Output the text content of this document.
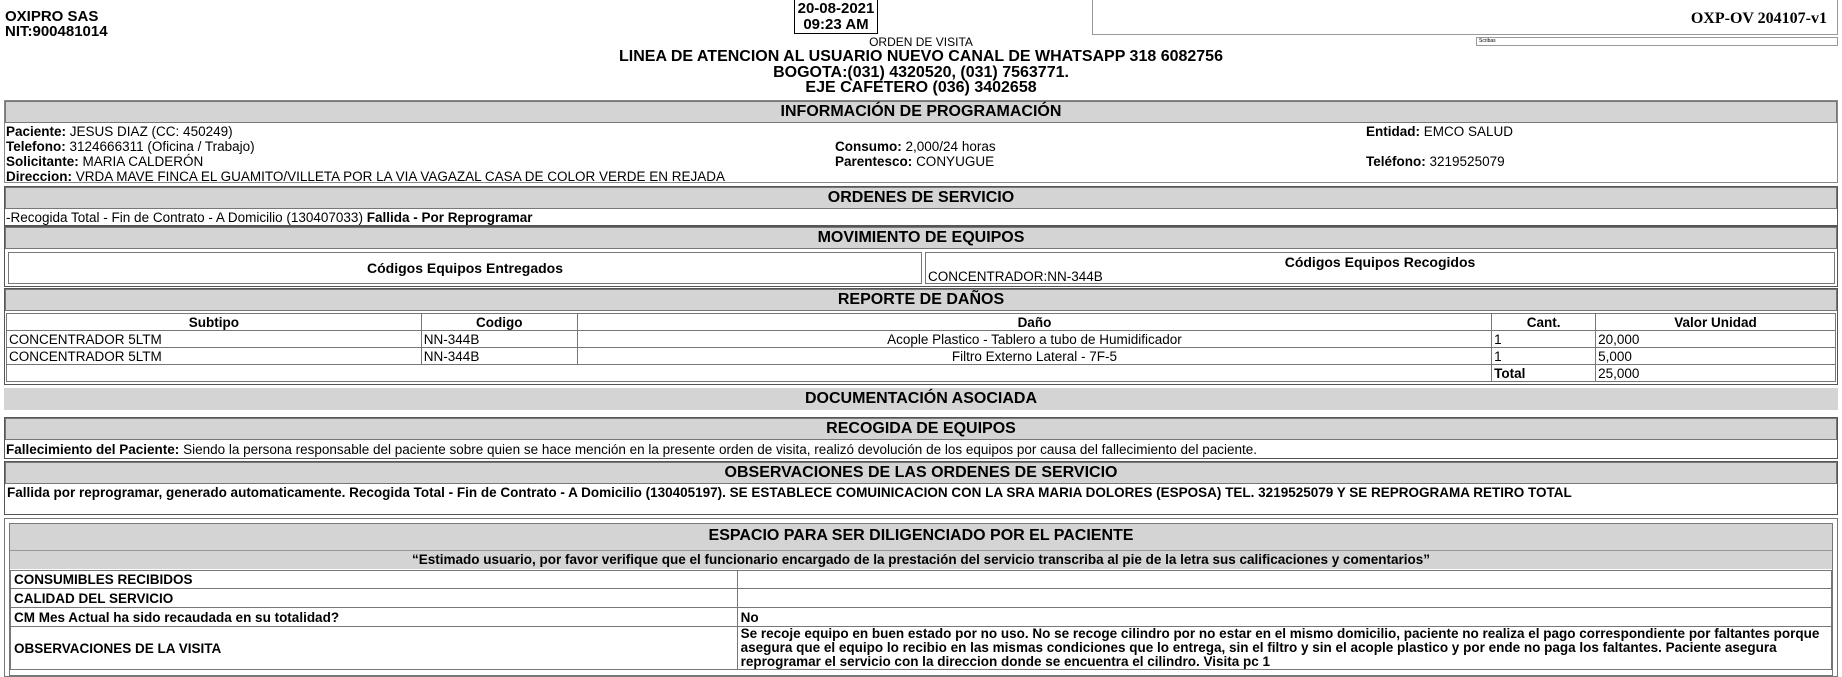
OXIPRO SAS
NIT:900481014
20-08-2021
09:23 AM	OXP-OV 204107-v1
Scribas
ORDEN DE VISITA
LINEA DE ATENCION AL USUARIO NUEVO CANAL DE WHATSAPP 318 6082756
BOGOTA:(031) 4320520, (031) 7563771.
EJE CAFETERO (036) 3402658
INFORMACIÓN DE PROGRAMACIÓN
Paciente: JESUS DIAZ (CC: 450249)
Telefono: 3124666311 (Oficina / Trabajo)
Solicitante: MARIA CALDERÓN
Direccion: VRDA MAVE FINCA EL GUAMITO/VILLETA POR LA VIA VAGAZAL CASA DE COLOR VERDE EN REJADA
Consumo: 2,000/24 horas
Parentesco: CONYUGUE
Entidad: EMCO SALUD
Teléfono: 3219525079
ORDENES DE SERVICIO
-Recogida Total - Fin de Contrato - A Domicilio (130407033) Fallida - Por Reprogramar
MOVIMIENTO DE EQUIPOS
Códigos Equipos Entregados	Códigos Equipos Recogidos
CONCENTRADOR:NN-344B
REPORTE DE DAÑOS
Subtipo	Codigo	Daño	Cant.	Valor Unidad
CONCENTRADOR 5LTM	NN-344B	Acople Plastico - Tablero a tubo de Humidificador	1	20,000
CONCENTRADOR 5LTM	NN-344B	Filtro Externo Lateral - 7F-5	1	5,000
			Total	25,000
DOCUMENTACIÓN ASOCIADA
RECOGIDA DE EQUIPOS
Fallecimiento del Paciente: Siendo la persona responsable del paciente sobre quien se hace mención en la presente orden de visita, realizó devolución de los equipos por causa del fallecimiento del paciente.
OBSERVACIONES DE LAS ORDENES DE SERVICIO
Fallida por reprogramar, generado automaticamente. Recogida Total - Fin de Contrato - A Domicilio (130405197). SE ESTABLECE COMUINICACION CON LA SRA MARIA DOLORES (ESPOSA) TEL. 3219525079 Y SE REPROGRAMA RETIRO TOTAL
ESPACIO PARA SER DILIGENCIADO POR EL PACIENTE
“Estimado usuario, por favor verifique que el funcionario encargado de la prestación del servicio transcriba al pie de la letra sus calificaciones y comentarios”
CONSUMIBLES RECIBIDOS	
CALIDAD DEL SERVICIO	
CM Mes Actual ha sido recaudada en su totalidad?	No
OBSERVACIONES DE LA VISITA	Se recoje equipo en buen estado por no uso. No se recoge cilindro por no estar en el mismo domicilio, paciente no realiza el pago correspondiente por faltantes porque asegura que el equipo lo recibio en las mismas condiciones que lo entrega, sin el filtro y sin el acople plastico y por ende no paga los faltantes. Paciente asegura reprogramar el servicio con la direccion donde se encuentra el cilindro. Visita pc 1
